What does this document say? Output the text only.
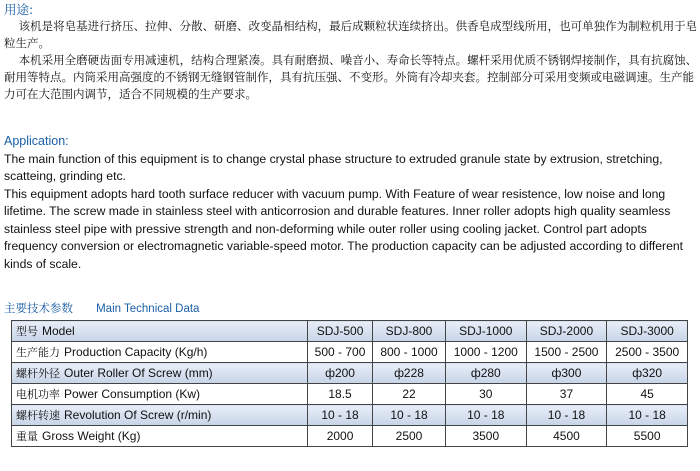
用途:

该机是将皂基进行挤压、拉伸、分散、研磨、改变晶相结构，最后成颗粒状连续挤出。供香皂成型线所用，也可单独作为制粒机用于皂粒生产。

本机采用全磨硬齿面专用减速机，结构合理紧凑。具有耐磨损、噪音小、寿命长等特点。螺杆采用优质不锈钢焊接制作，具有抗腐蚀、耐用等特点。内筒采用高强度的不锈钢无缝钢管制作，具有抗压强、不变形。外筒有冷却夹套。控制部分可采用变频或电磁调速。生产能力可在大范围内调节，适合不同规模的生产要求。

Application:

The main function of this equipment is to change crystal phase structure to extruded granule state by extrusion, stretching, scatteing, grinding etc.

This equipment adopts hard tooth surface reducer with vacuum pump. With Feature of wear resistence, low noise and long lifetime. The screw made in stainless steel with anticorrosion and durable features. Inner roller adopts high quality seamless stainless steel pipe with pressive strength and non-deforming while outer roller using cooling jacket. Control part adopts frequency conversion or electromagnetic variable-speed motor. The production capacity can be adjusted according to different kinds of scale.

主要技术参数 Main Technical Data
型号 Model	SDJ-500	SDJ-800	SDJ-1000	SDJ-2000	SDJ-3000
生产能力 Production Capacity (Kg/h)	500 - 700	800 - 1000	1000 - 1200	1500 - 2500	2500 - 3500
螺杆外径 Outer Roller Of Screw (mm)	ф200	ф228	ф280	ф300	ф320
电机功率 Power Consumption (Kw)	18.5	22	30	37	45
螺杆转速 Revolution Of Screw (r/min)	10 - 18	10 - 18	10 - 18	10 - 18	10 - 18
重量 Gross Weight (Kg)	2000	2500	3500	4500	5500
